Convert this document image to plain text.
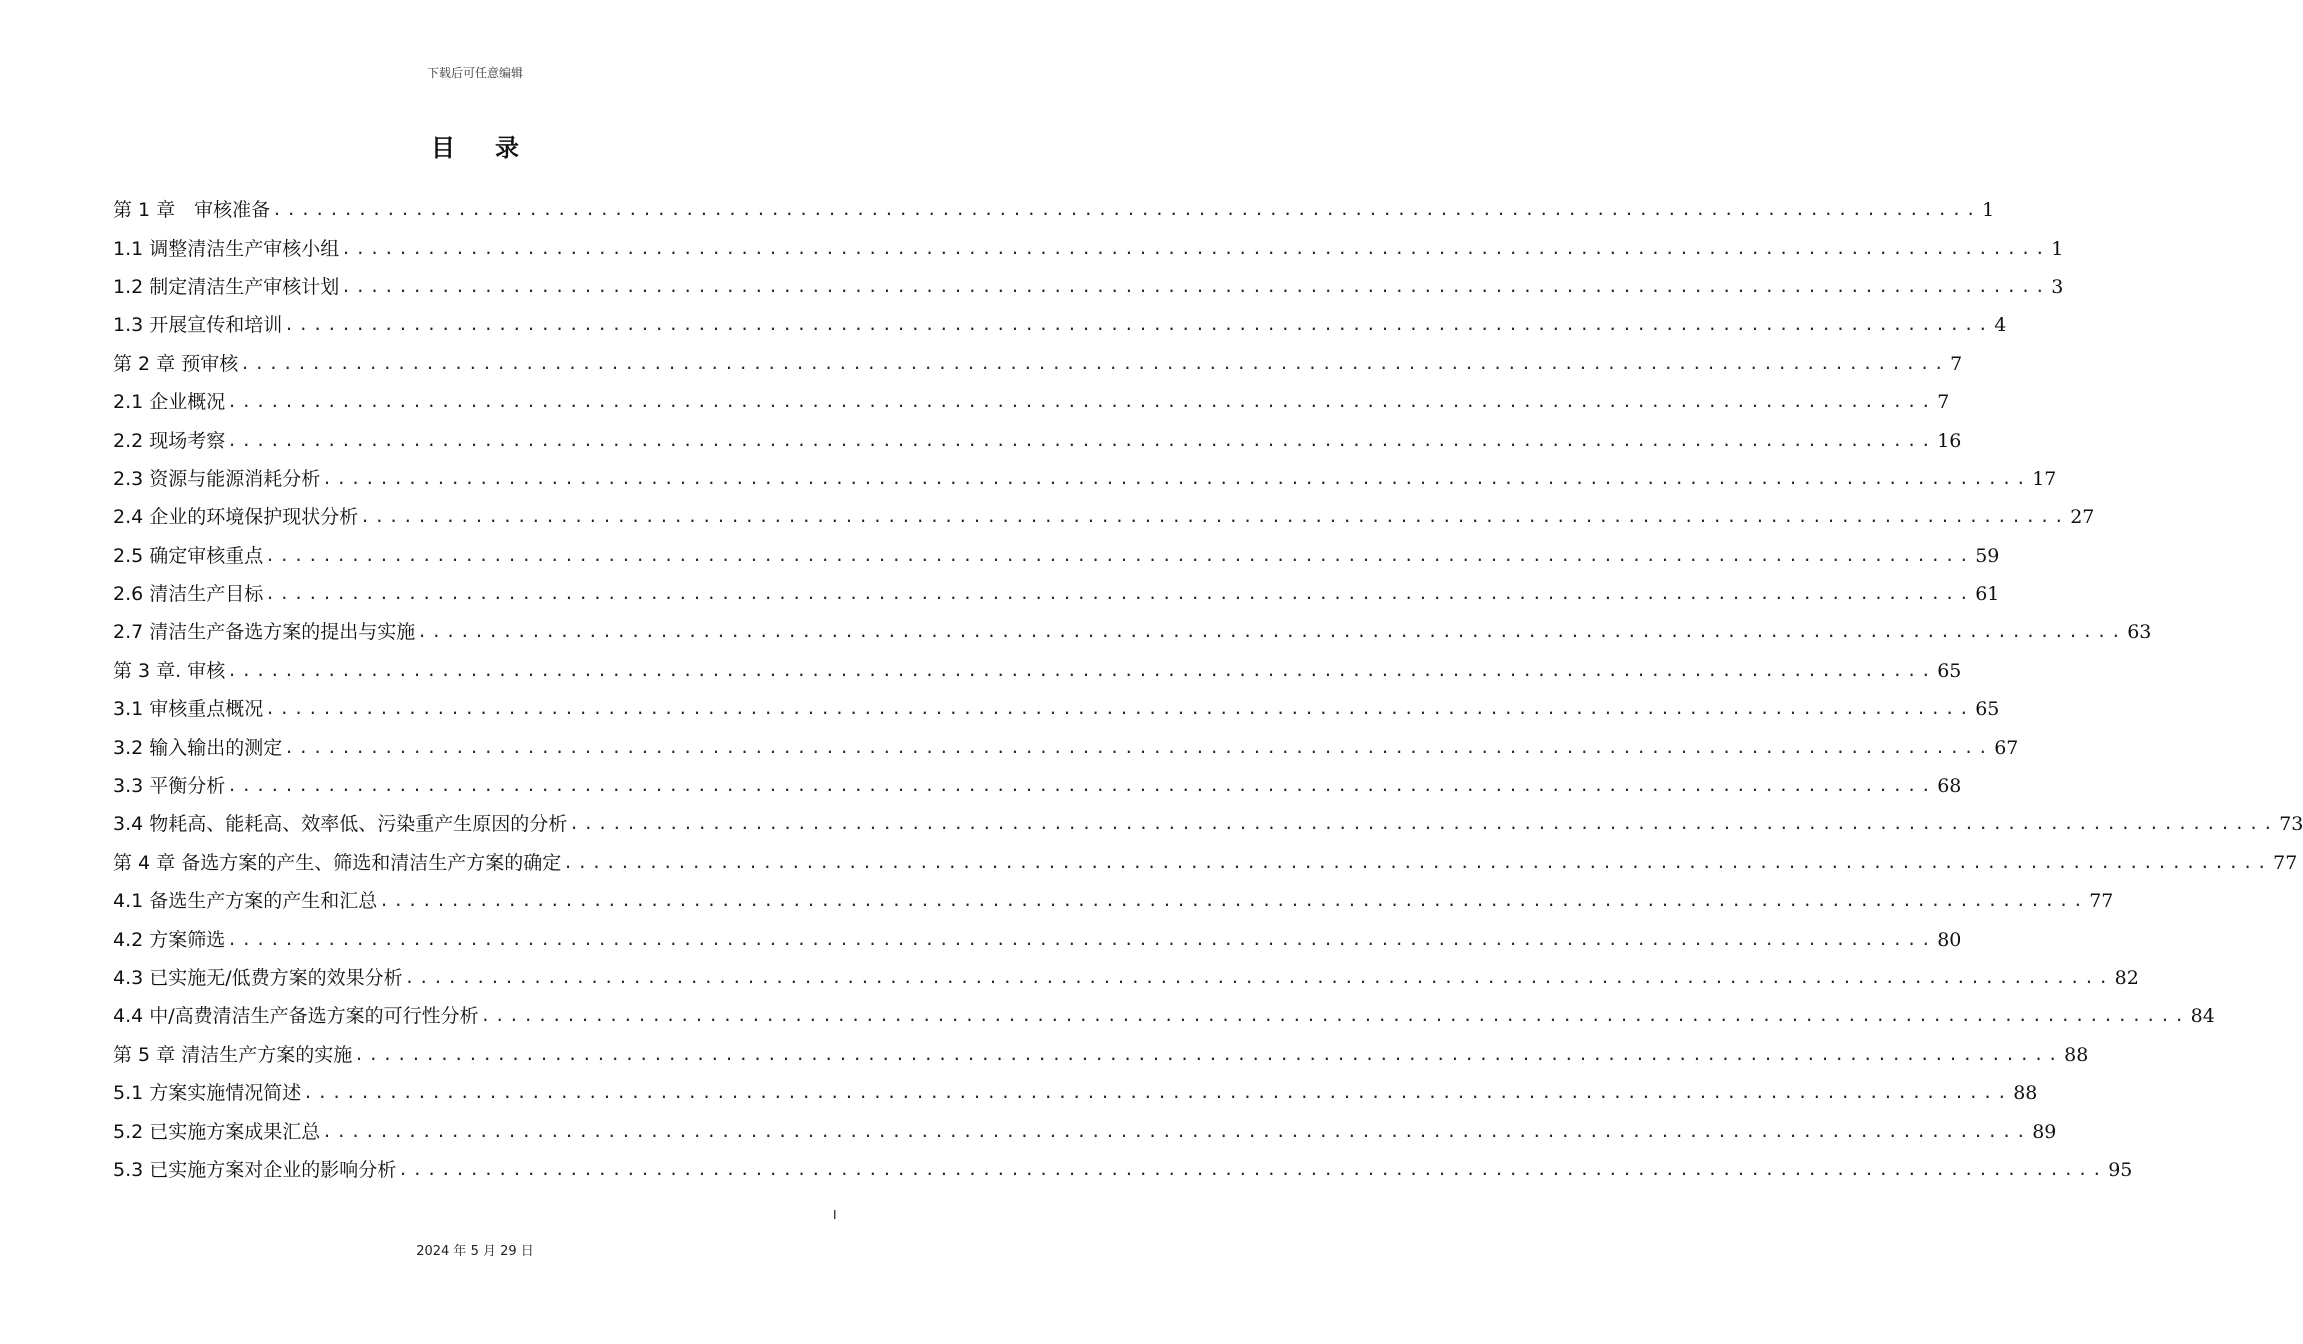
下载后可任意编辑
目录
第 1 章　审核准备 ........................................................................................................................ 1
1.1 调整清洁生产审核小组 ........................................................................................................................ 1
1.2 制定清洁生产审核计划 ........................................................................................................................ 3
1.3 开展宣传和培训 ........................................................................................................................ 4
第 2 章 预审核 ........................................................................................................................ 7
2.1 企业概况 ........................................................................................................................ 7
2.2 现场考察 ........................................................................................................................ 16
2.3 资源与能源消耗分析 ........................................................................................................................ 17
2.4 企业的环境保护现状分析 ........................................................................................................................ 27
2.5 确定审核重点 ........................................................................................................................ 59
2.6 清洁生产目标 ........................................................................................................................ 61
2.7 清洁生产备选方案的提出与实施 ........................................................................................................................ 63
第 3 章. 审核 ........................................................................................................................ 65
3.1 审核重点概况 ........................................................................................................................ 65
3.2 输入输出的测定 ........................................................................................................................ 67
3.3 平衡分析 ........................................................................................................................ 68
3.4 物耗高、能耗高、效率低、污染重产生原因的分析 ........................................................................................................................ 73
第 4 章 备选方案的产生、筛选和清洁生产方案的确定 ........................................................................................................................ 77
4.1 备选生产方案的产生和汇总 ........................................................................................................................ 77
4.2 方案筛选 ........................................................................................................................ 80
4.3 已实施无/低费方案的效果分析 ........................................................................................................................ 82
4.4 中/高费清洁生产备选方案的可行性分析 ........................................................................................................................ 84
第 5 章 清洁生产方案的实施 ........................................................................................................................ 88
5.1 方案实施情况简述 ........................................................................................................................ 88
5.2 已实施方案成果汇总 ........................................................................................................................ 89
5.3 已实施方案对企业的影响分析 ........................................................................................................................ 95
I
2024 年 5 月 29 日
